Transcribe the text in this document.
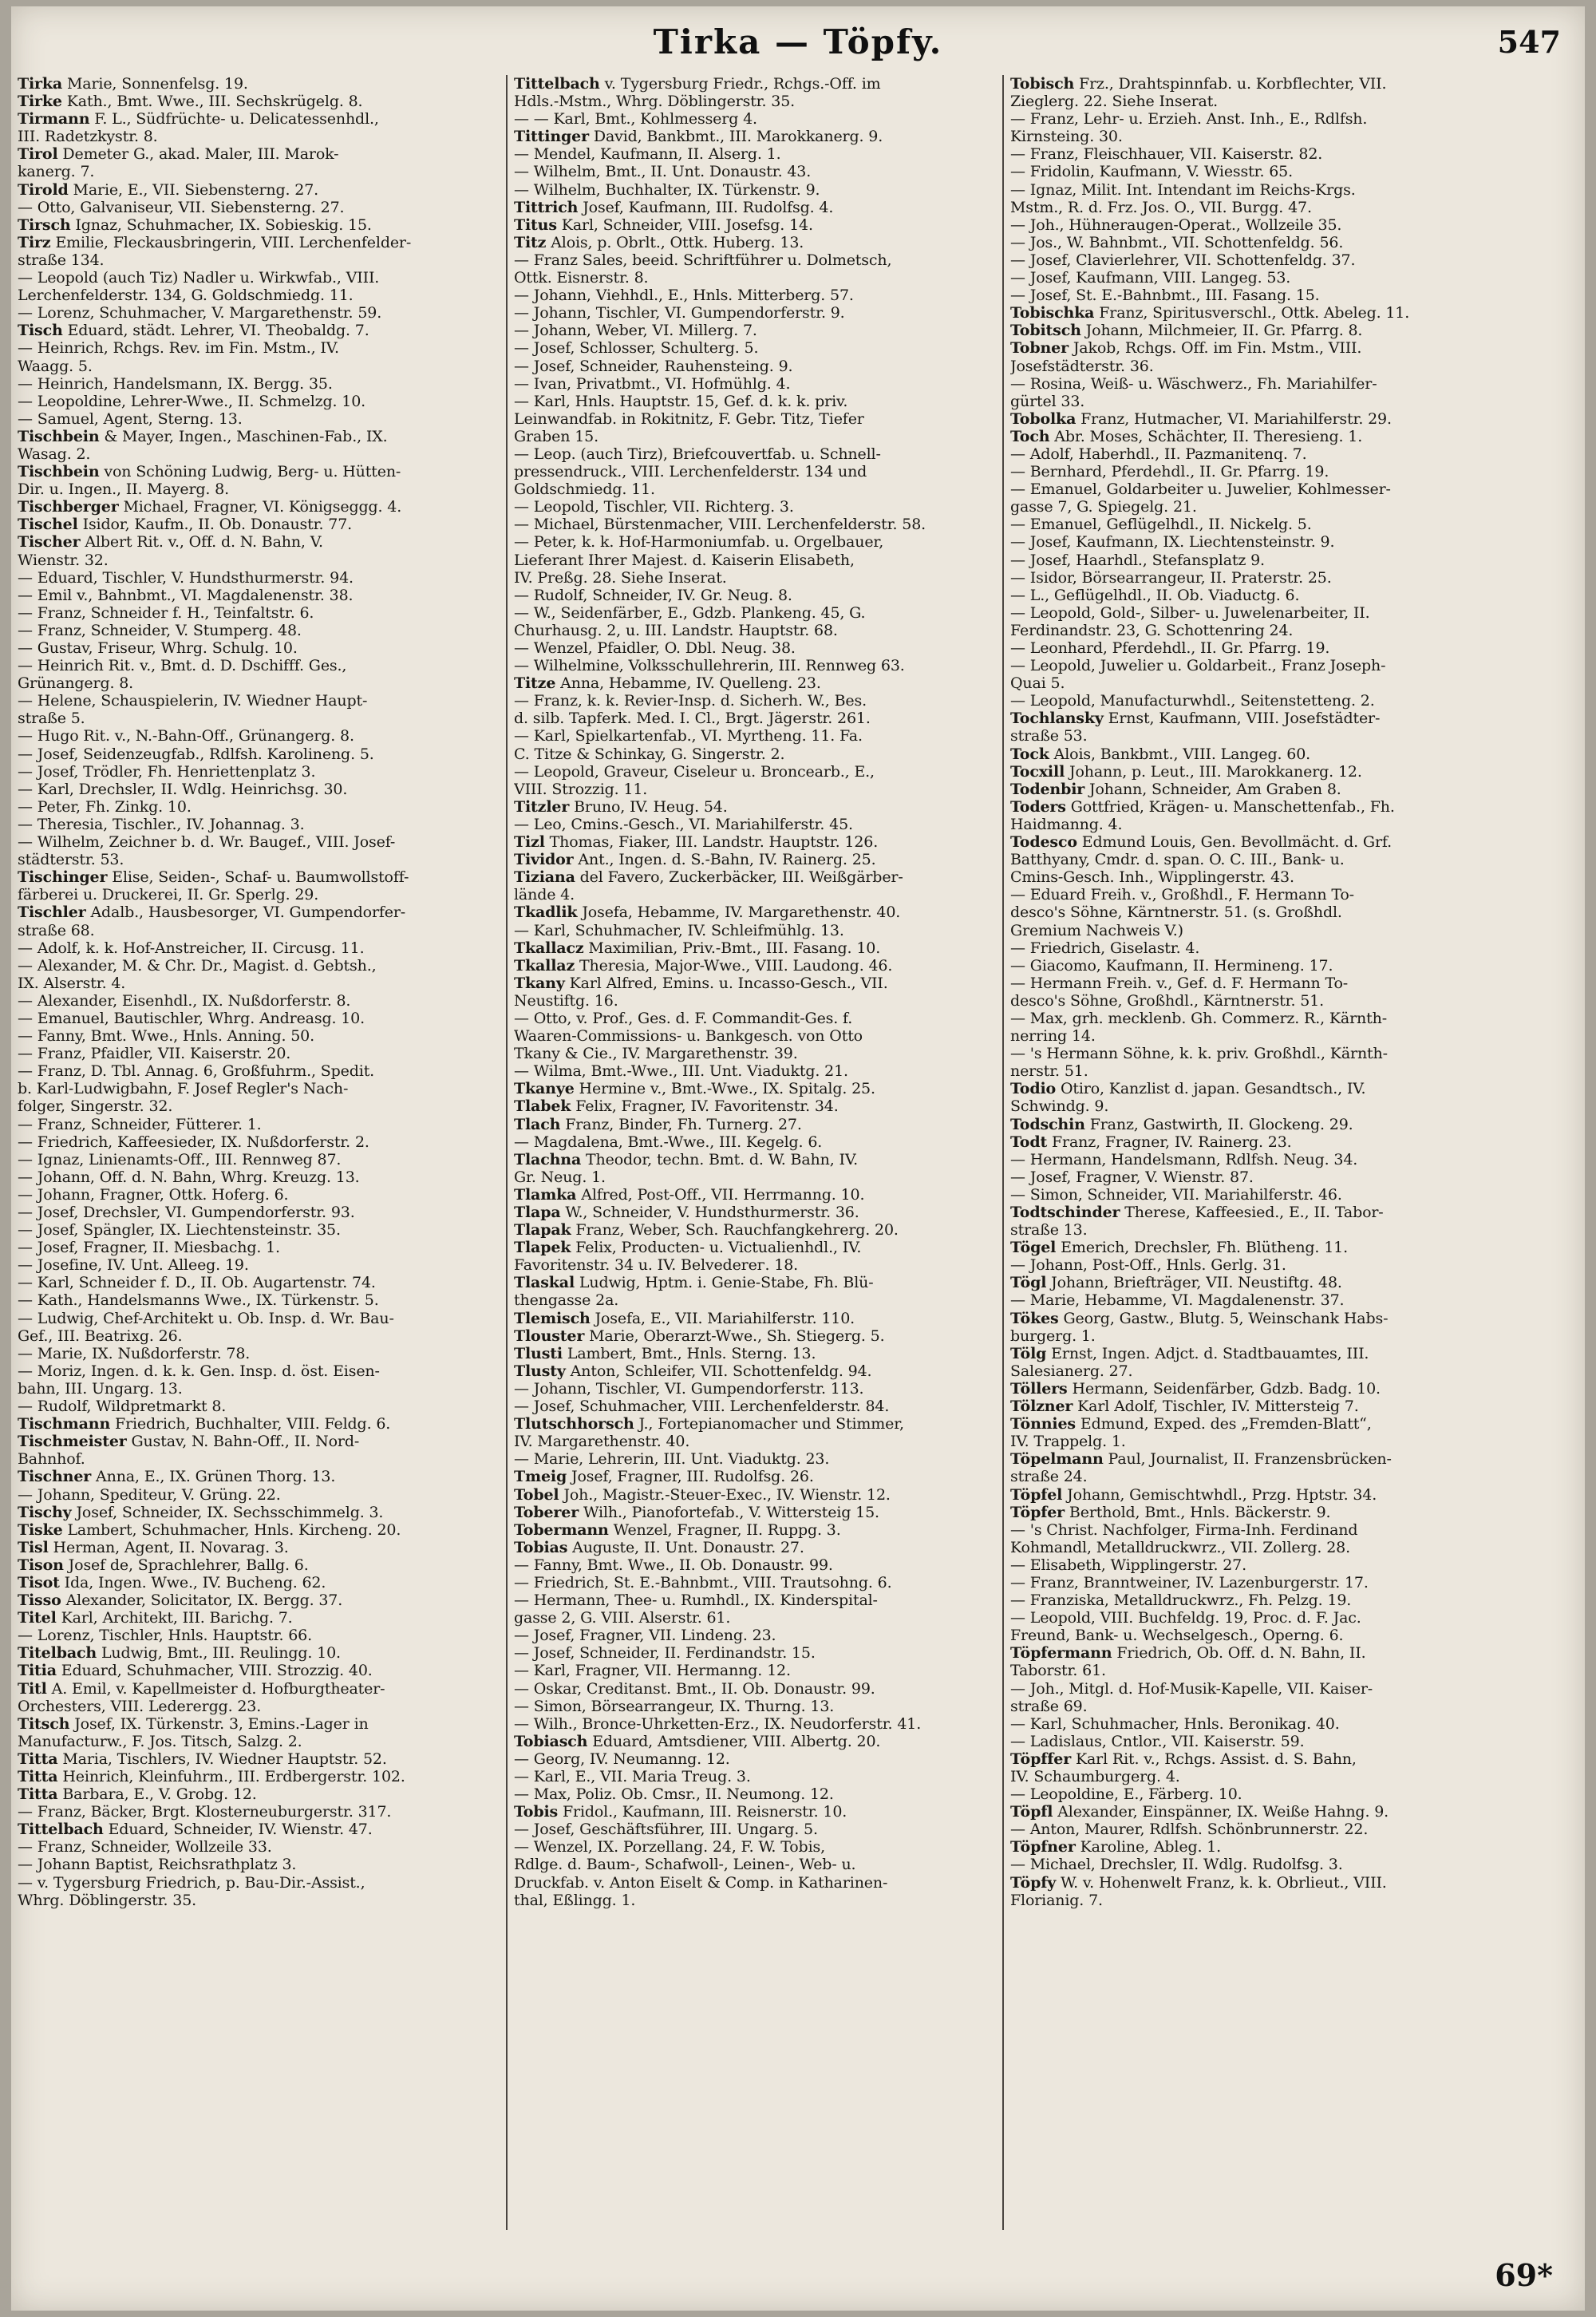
Tirka — Töpfy.	547
Tirka Marie, Sonnenfelsg. 19.
Tirke Kath., Bmt. Wwe., III. Sechskrügelg. 8.
Tirmann F. L., Südfrüchte- u. Delicatessenhdl.,
III. Radetzkystr. 8.
Tirol Demeter G., akad. Maler, III. Marok-
kanerg. 7.
Tirold Marie, E., VII. Siebensterng. 27.
— Otto, Galvaniseur, VII. Siebensterng. 27.
Tirsch Ignaz, Schuhmacher, IX. Sobieskig. 15.
Tirz Emilie, Fleckausbringerin, VIII. Lerchenfelder-
straße 134.
— Leopold (auch Tiz) Nadler u. Wirkwfab., VIII.
Lerchenfelderstr. 134, G. Goldschmiedg. 11.
— Lorenz, Schuhmacher, V. Margarethenstr. 59.
Tisch Eduard, städt. Lehrer, VI. Theobaldg. 7.
— Heinrich, Rchgs. Rev. im Fin. Mstm., IV.
Waagg. 5.
— Heinrich, Handelsmann, IX. Bergg. 35.
— Leopoldine, Lehrer-Wwe., II. Schmelzg. 10.
— Samuel, Agent, Sterng. 13.
Tischbein & Mayer, Ingen., Maschinen-Fab., IX.
Wasag. 2.
Tischbein von Schöning Ludwig, Berg- u. Hütten-
Dir. u. Ingen., II. Mayerg. 8.
Tischberger Michael, Fragner, VI. Königseggg. 4.
Tischel Isidor, Kaufm., II. Ob. Donaustr. 77.
Tischer Albert Rit. v., Off. d. N. Bahn, V.
Wienstr. 32.
— Eduard, Tischler, V. Hundsthurmerstr. 94.
— Emil v., Bahnbmt., VI. Magdalenenstr. 38.
— Franz, Schneider f. H., Teinfaltstr. 6.
— Franz, Schneider, V. Stumperg. 48.
— Gustav, Friseur, Whrg. Schulg. 10.
— Heinrich Rit. v., Bmt. d. D. Dschifff. Ges.,
Grünangerg. 8.
— Helene, Schauspielerin, IV. Wiedner Haupt-
straße 5.
— Hugo Rit. v., N.-Bahn-Off., Grünangerg. 8.
— Josef, Seidenzeugfab., Rdlfsh. Karolineng. 5.
— Josef, Trödler, Fh. Henriettenplatz 3.
— Karl, Drechsler, II. Wdlg. Heinrichsg. 30.
— Peter, Fh. Zinkg. 10.
— Theresia, Tischler., IV. Johannag. 3.
— Wilhelm, Zeichner b. d. Wr. Baugef., VIII. Josef-
städterstr. 53.
Tischinger Elise, Seiden-, Schaf- u. Baumwollstoff-
färberei u. Druckerei, II. Gr. Sperlg. 29.
Tischler Adalb., Hausbesorger, VI. Gumpendorfer-
straße 68.
— Adolf, k. k. Hof-Anstreicher, II. Circusg. 11.
— Alexander, M. & Chr. Dr., Magist. d. Gebtsh.,
IX. Alserstr. 4.
— Alexander, Eisenhdl., IX. Nußdorferstr. 8.
— Emanuel, Bautischler, Whrg. Andreasg. 10.
— Fanny, Bmt. Wwe., Hnls. Anning. 50.
— Franz, Pfaidler, VII. Kaiserstr. 20.
— Franz, D. Tbl. Annag. 6, Großfuhrm., Spedit.
b. Karl-Ludwigbahn, F. Josef Regler's Nach-
folger, Singerstr. 32.
— Franz, Schneider, Fütterer. 1.
— Friedrich, Kaffeesieder, IX. Nußdorferstr. 2.
— Ignaz, Linienamts-Off., III. Rennweg 87.
— Johann, Off. d. N. Bahn, Whrg. Kreuzg. 13.
— Johann, Fragner, Ottk. Hoferg. 6.
— Josef, Drechsler, VI. Gumpendorferstr. 93.
— Josef, Spängler, IX. Liechtensteinstr. 35.
— Josef, Fragner, II. Miesbachg. 1.
— Josefine, IV. Unt. Alleeg. 19.
— Karl, Schneider f. D., II. Ob. Augartenstr. 74.
— Kath., Handelsmanns Wwe., IX. Türkenstr. 5.
— Ludwig, Chef-Architekt u. Ob. Insp. d. Wr. Bau-
Gef., III. Beatrixg. 26.
— Marie, IX. Nußdorferstr. 78.
— Moriz, Ingen. d. k. k. Gen. Insp. d. öst. Eisen-
bahn, III. Ungarg. 13.
— Rudolf, Wildpretmarkt 8.
Tischmann Friedrich, Buchhalter, VIII. Feldg. 6.
Tischmeister Gustav, N. Bahn-Off., II. Nord-
Bahnhof.
Tischner Anna, E., IX. Grünen Thorg. 13.
— Johann, Spediteur, V. Grüng. 22.
Tischy Josef, Schneider, IX. Sechsschimmelg. 3.
Tiske Lambert, Schuhmacher, Hnls. Kircheng. 20.
Tisl Herman, Agent, II. Novarag. 3.
Tison Josef de, Sprachlehrer, Ballg. 6.
Tisot Ida, Ingen. Wwe., IV. Bucheng. 62.
Tisso Alexander, Solicitator, IX. Bergg. 37.
Titel Karl, Architekt, III. Barichg. 7.
— Lorenz, Tischler, Hnls. Hauptstr. 66.
Titelbach Ludwig, Bmt., III. Reulingg. 10.
Titia Eduard, Schuhmacher, VIII. Strozzig. 40.
Titl A. Emil, v. Kapellmeister d. Hofburgtheater-
Orchesters, VIII. Lederergg. 23.
Titsch Josef, IX. Türkenstr. 3, Emins.-Lager in
Manufacturw., F. Jos. Titsch, Salzg. 2.
Titta Maria, Tischlers, IV. Wiedner Hauptstr. 52.
Titta Heinrich, Kleinfuhrm., III. Erdbergerstr. 102.
Titta Barbara, E., V. Grobg. 12.
— Franz, Bäcker, Brgt. Klosterneuburgerstr. 317.
Tittelbach Eduard, Schneider, IV. Wienstr. 47.
— Franz, Schneider, Wollzeile 33.
— Johann Baptist, Reichsrathplatz 3.
— v. Tygersburg Friedrich, p. Bau-Dir.-Assist.,
Whrg. Döblingerstr. 35.
Tittelbach v. Tygersburg Friedr., Rchgs.-Off. im
Hdls.-Mstm., Whrg. Döblingerstr. 35.
— — Karl, Bmt., Kohlmesserg 4.
Tittinger David, Bankbmt., III. Marokkanerg. 9.
— Mendel, Kaufmann, II. Alserg. 1.
— Wilhelm, Bmt., II. Unt. Donaustr. 43.
— Wilhelm, Buchhalter, IX. Türkenstr. 9.
Tittrich Josef, Kaufmann, III. Rudolfsg. 4.
Titus Karl, Schneider, VIII. Josefsg. 14.
Titz Alois, p. Obrlt., Ottk. Huberg. 13.
— Franz Sales, beeid. Schriftführer u. Dolmetsch,
Ottk. Eisnerstr. 8.
— Johann, Viehhdl., E., Hnls. Mitterberg. 57.
— Johann, Tischler, VI. Gumpendorferstr. 9.
— Johann, Weber, VI. Millerg. 7.
— Josef, Schlosser, Schulterg. 5.
— Josef, Schneider, Rauhensteing. 9.
— Ivan, Privatbmt., VI. Hofmühlg. 4.
— Karl, Hnls. Hauptstr. 15, Gef. d. k. k. priv.
Leinwandfab. in Rokitnitz, F. Gebr. Titz, Tiefer
Graben 15.
— Leop. (auch Tirz), Briefcouvertfab. u. Schnell-
pressendruck., VIII. Lerchenfelderstr. 134 und
Goldschmiedg. 11.
— Leopold, Tischler, VII. Richterg. 3.
— Michael, Bürstenmacher, VIII. Lerchenfelderstr. 58.
— Peter, k. k. Hof-Harmoniumfab. u. Orgelbauer,
Lieferant Ihrer Majest. d. Kaiserin Elisabeth,
IV. Preßg. 28. Siehe Inserat.
— Rudolf, Schneider, IV. Gr. Neug. 8.
— W., Seidenfärber, E., Gdzb. Plankeng. 45, G.
Churhausg. 2, u. III. Landstr. Hauptstr. 68.
— Wenzel, Pfaidler, O. Dbl. Neug. 38.
— Wilhelmine, Volksschullehrerin, III. Rennweg 63.
Titze Anna, Hebamme, IV. Quelleng. 23.
— Franz, k. k. Revier-Insp. d. Sicherh. W., Bes.
d. silb. Tapferk. Med. I. Cl., Brgt. Jägerstr. 261.
— Karl, Spielkartenfab., VI. Myrtheng. 11. Fa.
C. Titze & Schinkay, G. Singerstr. 2.
— Leopold, Graveur, Ciseleur u. Broncearb., E.,
VIII. Strozzig. 11.
Titzler Bruno, IV. Heug. 54.
— Leo, Cmins.-Gesch., VI. Mariahilferstr. 45.
Tizl Thomas, Fiaker, III. Landstr. Hauptstr. 126.
Tividor Ant., Ingen. d. S.-Bahn, IV. Rainerg. 25.
Tiziana del Favero, Zuckerbäcker, III. Weißgärber-
lände 4.
Tkadlik Josefa, Hebamme, IV. Margarethenstr. 40.
— Karl, Schuhmacher, IV. Schleifmühlg. 13.
Tkallacz Maximilian, Priv.-Bmt., III. Fasang. 10.
Tkallaz Theresia, Major-Wwe., VIII. Laudong. 46.
Tkany Karl Alfred, Emins. u. Incasso-Gesch., VII.
Neustiftg. 16.
— Otto, v. Prof., Ges. d. F. Commandit-Ges. f.
Waaren-Commissions- u. Bankgesch. von Otto
Tkany & Cie., IV. Margarethenstr. 39.
— Wilma, Bmt.-Wwe., III. Unt. Viaduktg. 21.
Tkanye Hermine v., Bmt.-Wwe., IX. Spitalg. 25.
Tlabek Felix, Fragner, IV. Favoritenstr. 34.
Tlach Franz, Binder, Fh. Turnerg. 27.
— Magdalena, Bmt.-Wwe., III. Kegelg. 6.
Tlachna Theodor, techn. Bmt. d. W. Bahn, IV.
Gr. Neug. 1.
Tlamka Alfred, Post-Off., VII. Herrmanng. 10.
Tlapa W., Schneider, V. Hundsthurmerstr. 36.
Tlapak Franz, Weber, Sch. Rauchfangkehrerg. 20.
Tlapek Felix, Producten- u. Victualienhdl., IV.
Favoritenstr. 34 u. IV. Belvederег. 18.
Tlaskal Ludwig, Hptm. i. Genie-Stabe, Fh. Blü-
thengasse 2a.
Tlemisch Josefa, E., VII. Mariahilferstr. 110.
Tlouster Marie, Oberarzt-Wwe., Sh. Stiegerg. 5.
Tlusti Lambert, Bmt., Hnls. Sterng. 13.
Tlusty Anton, Schleifer, VII. Schottenfeldg. 94.
— Johann, Tischler, VI. Gumpendorferstr. 113.
— Josef, Schuhmacher, VIII. Lerchenfelderstr. 84.
Tlutschhorsch J., Fortepianomacher und Stimmer,
IV. Margarethenstr. 40.
— Marie, Lehrerin, III. Unt. Viaduktg. 23.
Tmeig Josef, Fragner, III. Rudolfsg. 26.
Tobel Joh., Magistr.-Steuer-Exec., IV. Wienstr. 12.
Toberer Wilh., Pianofortefab., V. Wittersteig 15.
Tobermann Wenzel, Fragner, II. Ruppg. 3.
Tobias Auguste, II. Unt. Donaustr. 27.
— Fanny, Bmt. Wwe., II. Ob. Donaustr. 99.
— Friedrich, St. E.-Bahnbmt., VIII. Trautsohng. 6.
— Hermann, Thee- u. Rumhdl., IX. Kinderspital-
gasse 2, G. VIII. Alserstr. 61.
— Josef, Fragner, VII. Lindeng. 23.
— Josef, Schneider, II. Ferdinandstr. 15.
— Karl, Fragner, VII. Hermanng. 12.
— Oskar, Creditanst. Bmt., II. Ob. Donaustr. 99.
— Simon, Börsearrangeur, IX. Thurng. 13.
— Wilh., Bronce-Uhrketten-Erz., IX. Neudorferstr. 41.
Tobiasch Eduard, Amtsdiener, VIII. Albertg. 20.
— Georg, IV. Neumanng. 12.
— Karl, E., VII. Maria Treug. 3.
— Max, Poliz. Ob. Cmsr., II. Neumong. 12.
Tobis Fridol., Kaufmann, III. Reisnerstr. 10.
— Josef, Geschäftsführer, III. Ungarg. 5.
— Wenzel, IX. Porzellang. 24, F. W. Tobis,
Rdlge. d. Baum-, Schafwoll-, Leinen-, Web- u.
Druckfab. v. Anton Eiselt & Comp. in Katharinen-
thal, Eßlingg. 1.
Tobisch Frz., Drahtspinnfab. u. Korbflechter, VII.
Zieglerg. 22. Siehe Inserat.
— Franz, Lehr- u. Erzieh. Anst. Inh., E., Rdlfsh.
Kirnsteing. 30.
— Franz, Fleischhauer, VII. Kaiserstr. 82.
— Fridolin, Kaufmann, V. Wiesstr. 65.
— Ignaz, Milit. Int. Intendant im Reichs-Krgs.
Mstm., R. d. Frz. Jos. O., VII. Burgg. 47.
— Joh., Hühneraugen-Operat., Wollzeile 35.
— Jos., W. Bahnbmt., VII. Schottenfeldg. 56.
— Josef, Clavierlehrer, VII. Schottenfeldg. 37.
— Josef, Kaufmann, VIII. Langeg. 53.
— Josef, St. E.-Bahnbmt., III. Fasang. 15.
Tobischka Franz, Spiritusverschl., Ottk. Abeleg. 11.
Tobitsch Johann, Milchmeier, II. Gr. Pfarrg. 8.
Tobner Jakob, Rchgs. Off. im Fin. Mstm., VIII.
Josefstädterstr. 36.
— Rosina, Weiß- u. Wäschwerz., Fh. Mariahilfer-
gürtel 33.
Tobolka Franz, Hutmacher, VI. Mariahilferstr. 29.
Toch Abr. Moses, Schächter, II. Theresieng. 1.
— Adolf, Haberhdl., II. Pazmanitenq. 7.
— Bernhard, Pferdehdl., II. Gr. Pfarrg. 19.
— Emanuel, Goldarbeiter u. Juwelier, Kohlmesser-
gasse 7, G. Spiegelg. 21.
— Emanuel, Geflügelhdl., II. Nickelg. 5.
— Josef, Kaufmann, IX. Liechtensteinstr. 9.
— Josef, Haarhdl., Stefansplatz 9.
— Isidor, Börsearrangeur, II. Praterstr. 25.
— L., Geflügelhdl., II. Ob. Viaductg. 6.
— Leopold, Gold-, Silber- u. Juwelenarbeiter, II.
Ferdinandstr. 23, G. Schottenring 24.
— Leonhard, Pferdehdl., II. Gr. Pfarrg. 19.
— Leopold, Juwelier u. Goldarbeit., Franz Joseph-
Quai 5.
— Leopold, Manufacturwhdl., Seitenstetteng. 2.
Tochlansky Ernst, Kaufmann, VIII. Josefstädter-
straße 53.
Tock Alois, Bankbmt., VIII. Langeg. 60.
Tocxill Johann, p. Leut., III. Marokkanerg. 12.
Todenbir Johann, Schneider, Am Graben 8.
Toders Gottfried, Krägen- u. Manschettenfab., Fh.
Haidmanng. 4.
Todesco Edmund Louis, Gen. Bevollmächt. d. Grf.
Batthyany, Cmdr. d. span. O. C. III., Bank- u.
Cmins-Gesch. Inh., Wipplingerstr. 43.
— Eduard Freih. v., Großhdl., F. Hermann To-
desco's Söhne, Kärntnerstr. 51. (s. Großhdl.
Gremium Nachweis V.)
— Friedrich, Giselastr. 4.
— Giacomo, Kaufmann, II. Hermineng. 17.
— Hermann Freih. v., Gef. d. F. Hermann To-
desco's Söhne, Großhdl., Kärntnerstr. 51.
— Max, grh. mecklenb. Gh. Commerz. R., Kärnth-
nerring 14.
— 's Hermann Söhne, k. k. priv. Großhdl., Kärnth-
nerstr. 51.
Todio Otiro, Kanzlist d. japan. Gesandtsch., IV.
Schwindg. 9.
Todschin Franz, Gastwirth, II. Glockeng. 29.
Todt Franz, Fragner, IV. Rainerg. 23.
— Hermann, Handelsmann, Rdlfsh. Neug. 34.
— Josef, Fragner, V. Wienstr. 87.
— Simon, Schneider, VII. Mariahilferstr. 46.
Todtschinder Therese, Kaffeesied., E., II. Tabor-
straße 13.
Tögel Emerich, Drechsler, Fh. Blütheng. 11.
— Johann, Post-Off., Hnls. Gerlg. 31.
Tögl Johann, Briefträger, VII. Neustiftg. 48.
— Marie, Hebamme, VI. Magdalenenstr. 37.
Tökes Georg, Gastw., Blutg. 5, Weinschank Habs-
burgerg. 1.
Tölg Ernst, Ingen. Adjct. d. Stadtbauamtes, III.
Salesianerg. 27.
Töllers Hermann, Seidenfärber, Gdzb. Badg. 10.
Tölzner Karl Adolf, Tischler, IV. Mittersteig 7.
Tönnies Edmund, Exped. des „Fremden-Blatt“,
IV. Trappelg. 1.
Töpelmann Paul, Journalist, II. Franzensbrücken-
straße 24.
Töpfel Johann, Gemischtwhdl., Przg. Hptstr. 34.
Töpfer Berthold, Bmt., Hnls. Bäckerstr. 9.
— 's Christ. Nachfolger, Firma-Inh. Ferdinand
Kohmandl, Metalldruckwrz., VII. Zollerg. 28.
— Elisabeth, Wipplingerstr. 27.
— Franz, Branntweiner, IV. Lazenburgerstr. 17.
— Franziska, Metalldruckwrz., Fh. Pelzg. 19.
— Leopold, VIII. Buchfeldg. 19, Proc. d. F. Jac.
Freund, Bank- u. Wechselgesch., Operng. 6.
Töpfermann Friedrich, Ob. Off. d. N. Bahn, II.
Taborstr. 61.
— Joh., Mitgl. d. Hof-Musik-Kapelle, VII. Kaiser-
straße 69.
— Karl, Schuhmacher, Hnls. Beronikag. 40.
— Ladislaus, Cntlor., VII. Kaiserstr. 59.
Töpffer Karl Rit. v., Rchgs. Assist. d. S. Bahn,
IV. Schaumburgerg. 4.
— Leopoldine, E., Färberg. 10.
Töpfl Alexander, Einspänner, IX. Weiße Hahng. 9.
— Anton, Maurer, Rdlfsh. Schönbrunnerstr. 22.
Töpfner Karoline, Ableg. 1.
— Michael, Drechsler, II. Wdlg. Rudolfsg. 3.
Töpfy W. v. Hohenwelt Franz, k. k. Obrlieut., VIII.
Florianig. 7.
69*
